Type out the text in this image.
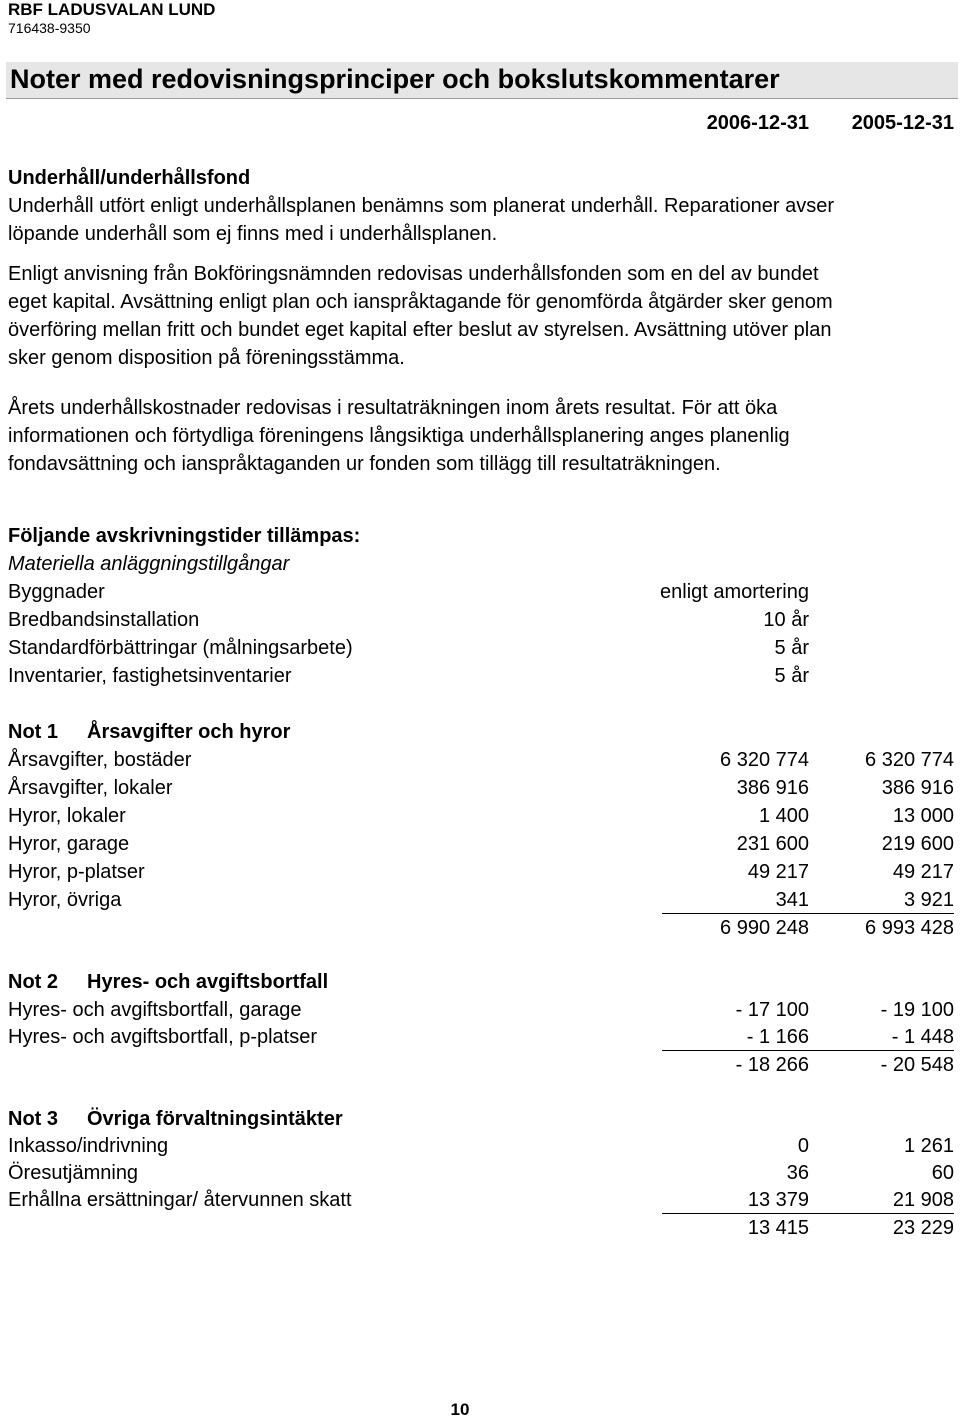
RBF LADUSVALAN LUND
716438-9350
Noter med redovisningsprinciper och bokslutskommentarer
2006-12-31 2005-12-31
Underhåll/underhållsfond
Underhåll utfört enligt underhållsplanen benämns som planerat underhåll. Reparationer avser
löpande underhåll som ej finns med i underhållsplanen.
Enligt anvisning från Bokföringsnämnden redovisas underhållsfonden som en del av bundet
eget kapital. Avsättning enligt plan och ianspråktagande för genomförda åtgärder sker genom
överföring mellan fritt och bundet eget kapital efter beslut av styrelsen. Avsättning utöver plan
sker genom disposition på föreningsstämma.
Årets underhållskostnader redovisas i resultaträkningen inom årets resultat. För att öka
informationen och förtydliga föreningens långsiktiga underhållsplanering anges planenlig
fondavsättning och ianspråktaganden ur fonden som tillägg till resultaträkningen.
Följande avskrivningstider tillämpas:
Materiella anläggningstillgångar
Byggnader	enligt amortering
Bredbandsinstallation	10 år
Standardförbättringar (målningsarbete)	5 år
Inventarier, fastighetsinventarier	5 år
Not 1 Årsavgifter och hyror
Årsavgifter, bostäder	6 320 774	6 320 774
Årsavgifter, lokaler	386 916	386 916
Hyror, lokaler	1 400	13 000
Hyror, garage	231 600	219 600
Hyror, p-platser	49 217	49 217
Hyror, övriga	341	3 921
6 990 248	6 993 428
Not 2 Hyres- och avgiftsbortfall
Hyres- och avgiftsbortfall, garage	- 17 100	- 19 100
Hyres- och avgiftsbortfall, p-platser	- 1 166	- 1 448
- 18 266	- 20 548
Not 3 Övriga förvaltningsintäkter
Inkasso/indrivning	0	1 261
Öresutjämning	36	60
Erhållna ersättningar/ återvunnen skatt	13 379	21 908
13 415	23 229
10
